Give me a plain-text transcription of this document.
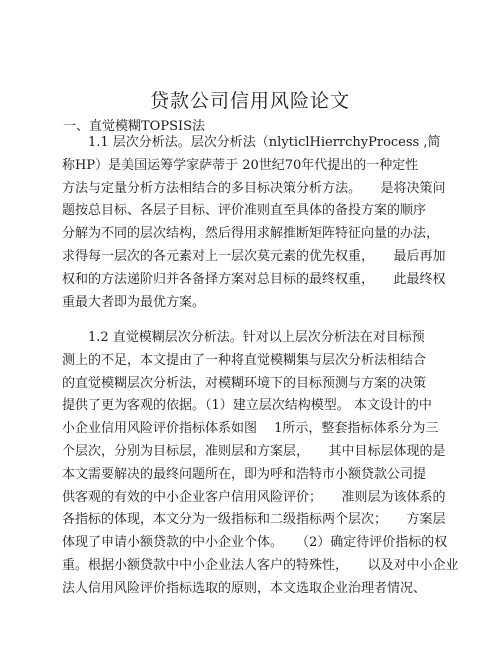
贷款公司信用风险论文
一、直觉模糊TOPSIS法
　　1.1 层次分析法。层次分析法（nlyticlHierrchyProcess ,简
称HP）是美国运筹学家萨蒂于 20世纪70年代提出的一种定性
方法与定量分析方法相结合的多目标决策分析方法。　　是将决策问
题按总目标、各层子目标、评价准则直至具体的备投方案的顺序
分解为不同的层次结构，然后得用求解推断矩阵特征向量的办法，
求得每一层次的各元素对上一层次莫元素的优先权重，　　最后再加
权和的方法递阶归并各备择方案对总目标的最终权重，　　此最终权
重最大者即为最优方案。
　　1.2 直觉模糊层次分析法。针对以上层次分析法在对目标预
测上的不足，本文提由了一种将直觉模糊集与层次分析法相结合
的直觉模糊层次分析法，对模糊环境下的目标预测与方案的决策
提供了更为客观的依据。（1）建立层次结构模型。 本文设计的中
小企业信用风险评价指标体系如图　 1所示，整套指标体系分为三
个层次，分别为目标层，准则层和方案层，　　其中目标层体现的是
本文需要解决的最终问题所在，即为呼和浩特市小额贷款公司提
供客观的有效的中小企业客户信用风险评价；　　准则层为该体系的
各指标的体现，本文分为一级指标和二级指标两个层次；　　方案层
体现了申请小额贷款的中小企业个体。　　（2）确定待评价指标的权
重。根据小额贷款中中小企业法人客户的特殊性，　　以及对中小企业
法人信用风险评价指标选取的原则，本文选取企业治理者情况、
